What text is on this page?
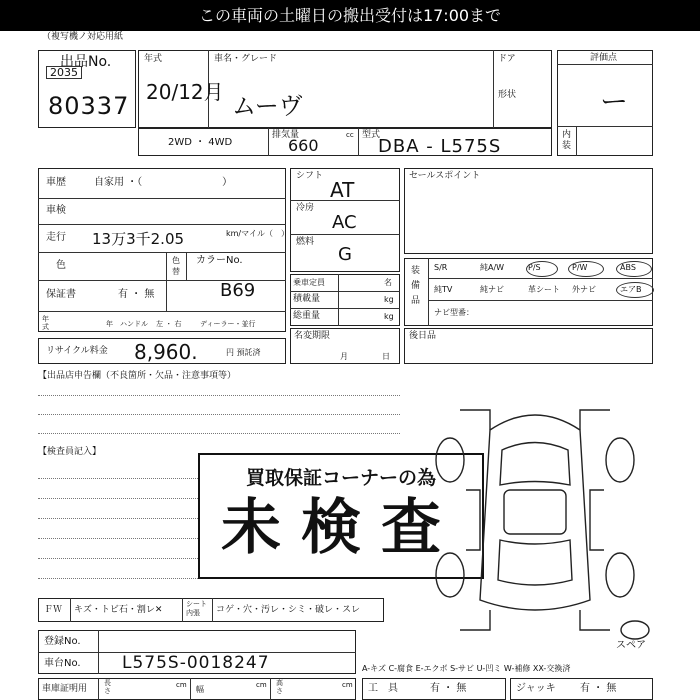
この車両の土曜日の搬出受付は17:00まで
（複写機ノ対応用紙
出品No.
2035
80337
年式
20/12月
車名・グレード
ムーヴ
ドア
形状
2WD ・ 4WD
排気量
660
cc 型式
DBA - L575S
評価点
ー
内装
車歴	自家用 ・（　　　　　　　　）
車検
走行 13万3千2.05	km/マイル（　）
色	色替
カラーNo.
B69
保証書	有 ・ 無
年式	年 ハンドル 左 ・ 右	ディーラー・並行
リサイクル料金 8,960.	円 預託済
シフト
AT
冷房
AC
燃料
G
乗車定員	名
積載量	kg
総重量	kg
名変期限
月	日
セールスポイント
装備品
S/R	純A/W	P/S	P/W	ABS
純TV	純ナビ	革シート 外ナビ	エアB
ナビ型番：
後日品
【出品店申告欄（不良箇所・欠品・注意事項等）
【検査員記入】
買取保証コーナーの為
未検査
スペア
ＦＷ キズ・トビ石・割レ✕
シート内張	コゲ・穴・汚レ・シミ・破レ・スレ
登録No.
車台No. L575S-0018247	A-キズ C-腐食 E-エクボ S-サビ U-凹ミ W-補修 XX-交換済
車庫証明用
長さ
cm 幅	cm 高さ
cm 工　具	有 ・ 無	ジャッキ 有 ・ 無
